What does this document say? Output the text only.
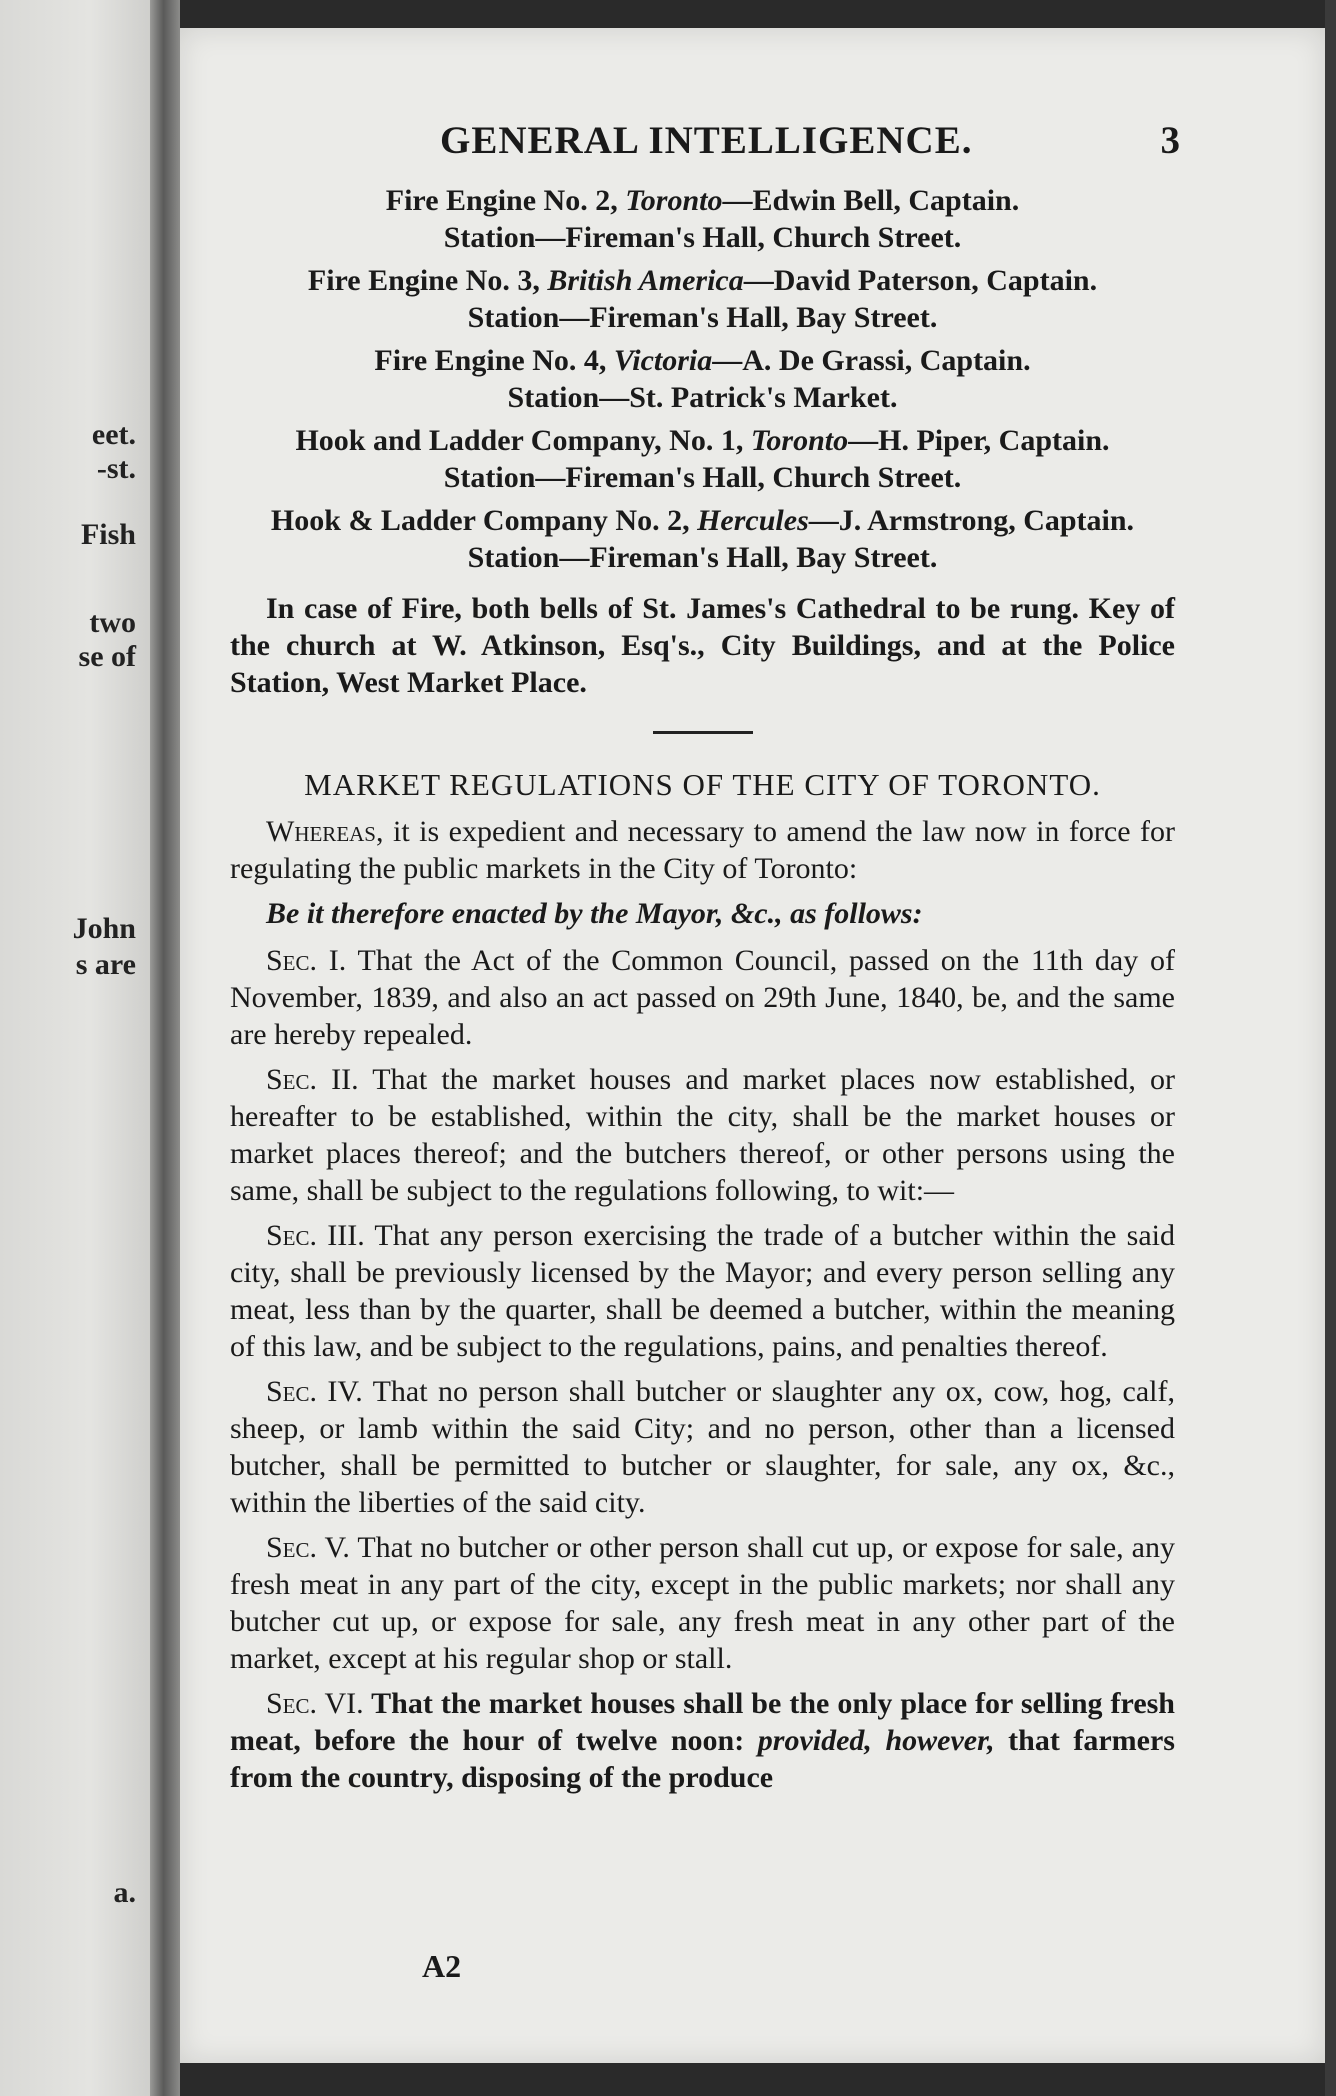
eet.
-st.
Fish
two
se of
John
s are
a.
GENERAL INTELLIGENCE.	3
Fire Engine No. 2, Toronto—Edwin Bell, Captain.
Station—Fireman's Hall, Church Street.
Fire Engine No. 3, British America—David Paterson, Captain.
Station—Fireman's Hall, Bay Street.
Fire Engine No. 4, Victoria—A. De Grassi, Captain.
Station—St. Patrick's Market.
Hook and Ladder Company, No. 1, Toronto—H. Piper, Captain.
Station—Fireman's Hall, Church Street.
Hook & Ladder Company No. 2, Hercules—J. Armstrong, Captain.
Station—Fireman's Hall, Bay Street.

In case of Fire, both bells of St. James's Cathedral to be rung. Key of the church at W. Atkinson, Esq's., City Buildings, and at the Police Station, West Market Place.

MARKET REGULATIONS OF THE CITY OF TORONTO.

Whereas, it is expedient and necessary to amend the law now in force for regulating the public markets in the City of Toronto:

Be it therefore enacted by the Mayor, &c., as follows:

Sec. I. That the Act of the Common Council, passed on the 11th day of November, 1839, and also an act passed on 29th June, 1840, be, and the same are hereby repealed.

Sec. II. That the market houses and market places now established, or hereafter to be established, within the city, shall be the market houses or market places thereof; and the butchers thereof, or other persons using the same, shall be subject to the regulations following, to wit:—

Sec. III. That any person exercising the trade of a butcher within the said city, shall be previously licensed by the Mayor; and every person selling any meat, less than by the quarter, shall be deemed a butcher, within the meaning of this law, and be subject to the regulations, pains, and penalties thereof.

Sec. IV. That no person shall butcher or slaughter any ox, cow, hog, calf, sheep, or lamb within the said City; and no person, other than a licensed butcher, shall be permitted to butcher or slaughter, for sale, any ox, &c., within the liberties of the said city.

Sec. V. That no butcher or other person shall cut up, or expose for sale, any fresh meat in any part of the city, except in the public markets; nor shall any butcher cut up, or expose for sale, any fresh meat in any other part of the market, except at his regular shop or stall.

Sec. VI. That the market houses shall be the only place for selling fresh meat, before the hour of twelve noon: provided, however, that farmers from the country, disposing of the produce

A2
